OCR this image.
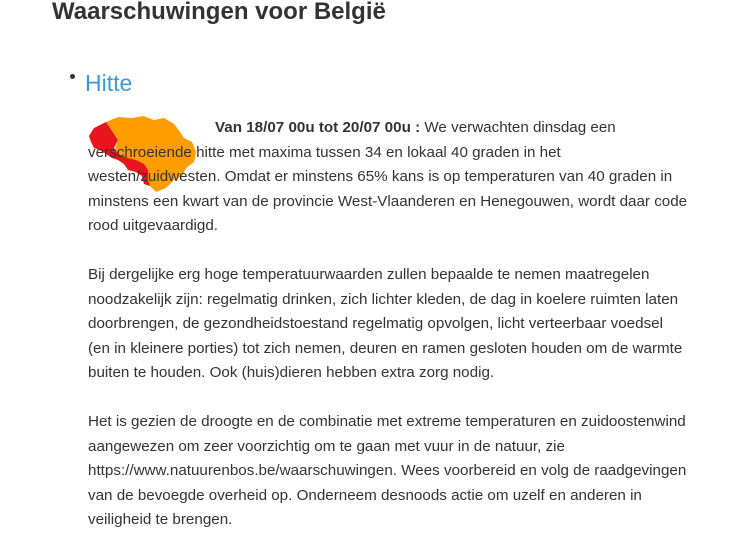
Waarschuwingen voor België
Hitte

Van 18/07 00u tot 20/07 00u : We verwachten dinsdag een verschroeiende hitte met maxima tussen 34 en lokaal 40 graden in het westen/zuidwesten. Omdat er minstens 65% kans is op temperaturen van 40 graden in minstens een kwart van de provincie West-Vlaanderen en Henegouwen, wordt daar code rood uitgevaardigd.

Bij dergelijke erg hoge temperatuurwaarden zullen bepaalde te nemen maatregelen noodzakelijk zijn: regelmatig drinken, zich lichter kleden, de dag in koelere ruimten laten doorbrengen, de gezondheidstoestand regelmatig opvolgen, licht verteerbaar voedsel (en in kleinere porties) tot zich nemen, deuren en ramen gesloten houden om de warmte buiten te houden. Ook (huis)dieren hebben extra zorg nodig.

Het is gezien de droogte en de combinatie met extreme temperaturen en zuidoostenwind aangewezen om zeer voorzichtig om te gaan met vuur in de natuur, zie https://www.natuurenbos.be/waarschuwingen. Wees voorbereid en volg de raadgevingen van de bevoegde overheid op. Onderneem desnoods actie om uzelf en anderen in veiligheid te brengen.
